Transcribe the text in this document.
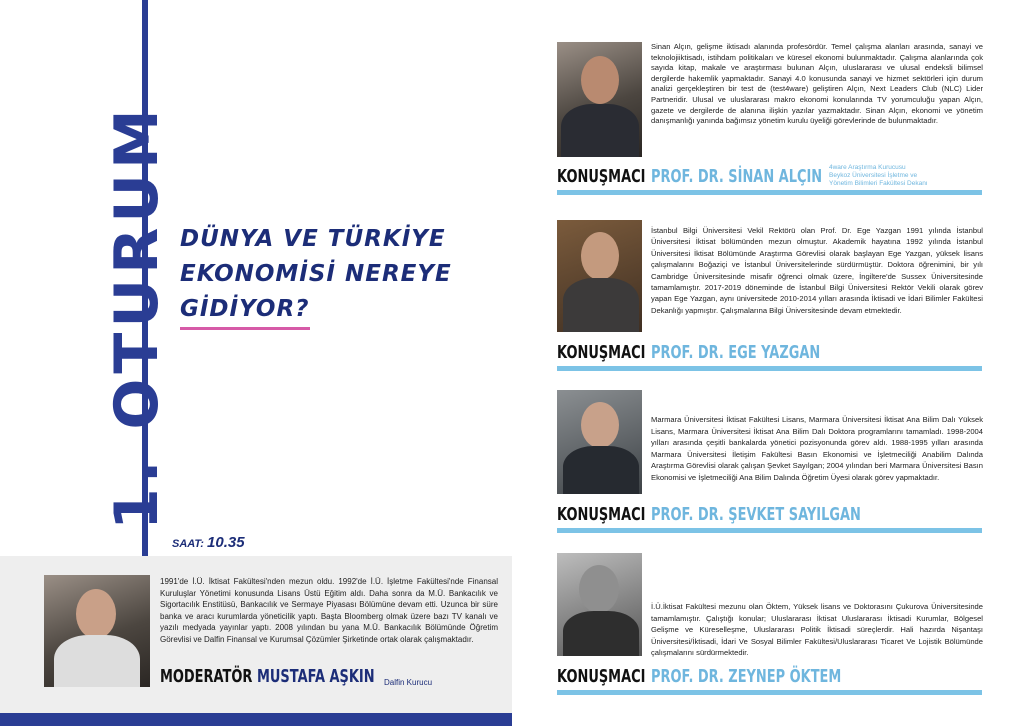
1. OTURUM DÜNYA VE TÜRKİYE
EKONOMİSİ NEREYE
GİDİYOR?
SAAT: 10.35
1991'de İ.Ü. İktisat Fakültesi'nden mezun oldu. 1992'de İ.Ü. İşletme Fakültesi'nde Finansal Kuruluşlar Yönetimi konusunda Lisans Üstü Eğitim aldı. Daha sonra da M.Ü. Bankacılık ve Sigortacılık Enstitüsü, Bankacılık ve Sermaye Piyasası Bölümüne devam etti. Uzunca bir süre banka ve aracı kurumlarda yöneticilik yaptı. Başta Bloomberg olmak üzere bazı TV kanalı ve yazılı medyada yayınlar yaptı. 2008 yılından bu yana M.Ü. Bankacılık Bölümünde Öğretim Görevlisi ve Dalfin Finansal ve Kurumsal Çözümler Şirketinde ortak olarak çalışmaktadır.
MODERATÖR MUSTAFA AŞKIN Dalfin Kurucu
Sinan Alçın, gelişme iktisadı alanında profesördür. Temel çalışma alanları arasında, sanayi ve teknolojiiktisadı, istihdam politikaları ve küresel ekonomi bulunmaktadır. Çalışma alanlarında çok sayıda kitap, makale ve araştırması bulunan Alçın, uluslararası ve ulusal endeksli bilimsel dergilerde hakemlik yapmaktadır. Sanayi 4.0 konusunda sanayi ve hizmet sektörleri için durum analizi gerçekleştiren bir test de (test4ware) geliştiren Alçın, Next Leaders Club (NLC) Lider Partneridir. Ulusal ve uluslararası makro ekonomi konularında TV yorumculuğu yapan Alçın, gazete ve dergilerde de alanına ilişkin yazılar yazmaktadır. Sinan Alçın, ekonomi ve yönetim danışmanlığı yanında bağımsız yönetim kurulu üyeliği görevlerinde de bulunmaktadır.
KONUŞMACI PROF. DR. SİNAN ALÇIN 4ware Araştırma Kurucusu
Beykoz Üniversitesi İşletme ve
Yönetim Bilimleri Fakültesi Dekanı
İstanbul Bilgi Üniversitesi Vekil Rektörü olan Prof. Dr. Ege Yazgan 1991 yılında İstanbul Üniversitesi İktisat bölümünden mezun olmuştur. Akademik hayatına 1992 yılında İstanbul Üniversitesi İktisat Bölümünde Araştırma Görevlisi olarak başlayan Ege Yazgan, yüksek lisans çalışmalarını Boğaziçi ve İstanbul Üniversitelerinde sürdürmüştür. Doktora öğrenimini, bir yılı Cambridge Üniversitesinde misafir öğrenci olmak üzere, İngiltere'de Sussex Üniversitesinde tamamlamıştır. 2017-2019 döneminde de İstanbul Bilgi Üniversitesi Rektör Vekili olarak görev yapan Ege Yazgan, aynı üniversitede 2010-2014 yılları arasında İktisadi ve İdari Bilimler Fakültesi Dekanlığı yapmıştır. Çalışmalarına Bilgi Üniversitesinde devam etmektedir.
KONUŞMACI PROF. DR. EGE YAZGAN
Marmara Üniversitesi İktisat Fakültesi Lisans, Marmara Üniversitesi İktisat Ana Bilim Dalı Yüksek Lisans, Marmara Üniversitesi İktisat Ana Bilim Dalı Doktora programlarını tamamladı. 1998-2004 yılları arasında çeşitli bankalarda yönetici pozisyonunda görev aldı. 1988-1995 yılları arasında Marmara Üniversitesi İletişim Fakültesi Basın Ekonomisi ve İşletmeciliği Anabilim Dalında Araştırma Görevlisi olarak çalışan Şevket Sayılgan; 2004 yılından beri Marmara Üniversitesi Basın Ekonomisi ve İşletmeciliği Ana Bilim Dalında Öğretim Üyesi olarak görev yapmaktadır.
KONUŞMACI PROF. DR. ŞEVKET SAYILGAN
İ.Ü.İktisat Fakültesi mezunu olan Öktem, Yüksek lisans ve Doktorasını Çukurova Üniversitesinde tamamlamıştır. Çalıştığı konular; Uluslararası İktisat Uluslararası İktisadi Kurumlar, Bölgesel Gelişme ve Küreselleşme, Uluslararası Politik İktisadi süreçlerdir. Hali hazırda Nişantaşı Üniversitesi/İktisadi, İdari Ve Sosyal Bilimler Fakültesi/Uluslararası Ticaret Ve Lojistik Bölümünde çalışmalarını sürdürmektedir.
KONUŞMACI PROF. DR. ZEYNEP ÖKTEM
